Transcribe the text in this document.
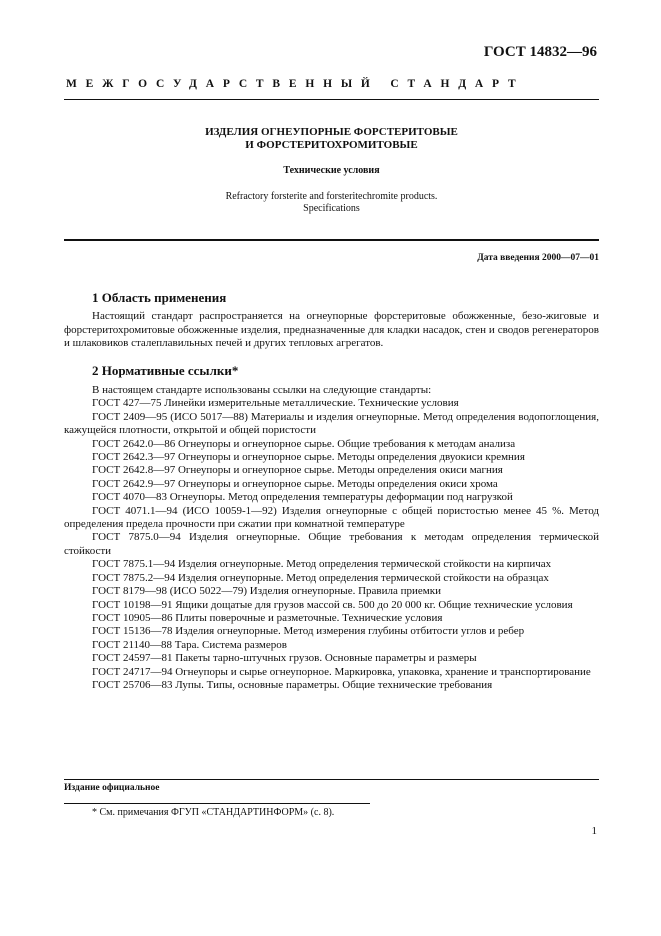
ГОСТ 14832—96
МЕЖГОСУДАРСТВЕННЫЙ СТАНДАРТ
ИЗДЕЛИЯ ОГНЕУПОРНЫЕ ФОРСТЕРИТОВЫЕ
И ФОРСТЕРИТОХРОМИТОВЫЕ
Технические условия
Refractory forsterite and forsteritechromite products.
Specifications
Дата введения 2000—07—01
1 Область применения
Настоящий стандарт распространяется на огнеупорные форстеритовые обожженные, безо-жиговые и форстеритохромитовые обожженные изделия, предназначенные для кладки насадок, стен и сводов регенераторов и шлаковиков сталеплавильных печей и других тепловых агрегатов.
2 Нормативные ссылки*

В настоящем стандарте использованы ссылки на следующие стандарты:

ГОСТ 427—75 Линейки измерительные металлические. Технические условия

ГОСТ 2409—95 (ИСО 5017—88) Материалы и изделия огнеупорные. Метод определения водопоглощения, кажущейся плотности, открытой и общей пористости

ГОСТ 2642.0—86 Огнеупоры и огнеупорное сырье. Общие требования к методам анализа

ГОСТ 2642.3—97 Огнеупоры и огнеупорное сырье. Методы определения двуокиси кремния

ГОСТ 2642.8—97 Огнеупоры и огнеупорное сырье. Методы определения окиси магния

ГОСТ 2642.9—97 Огнеупоры и огнеупорное сырье. Методы определения окиси хрома

ГОСТ 4070—83 Огнеупоры. Метод определения температуры деформации под нагрузкой

ГОСТ 4071.1—94 (ИСО 10059-1—92) Изделия огнеупорные с общей пористостью менее 45 %. Метод определения предела прочности при сжатии при комнатной температуре

ГОСТ 7875.0—94 Изделия огнеупорные. Общие требования к методам определения термической стойкости

ГОСТ 7875.1—94 Изделия огнеупорные. Метод определения термической стойкости на кирпичах

ГОСТ 7875.2—94 Изделия огнеупорные. Метод определения термической стойкости на образцах

ГОСТ 8179—98 (ИСО 5022—79) Изделия огнеупорные. Правила приемки

ГОСТ 10198—91 Ящики дощатые для грузов массой св. 500 до 20 000 кг. Общие технические условия

ГОСТ 10905—86 Плиты поверочные и разметочные. Технические условия

ГОСТ 15136—78 Изделия огнеупорные. Метод измерения глубины отбитости углов и ребер

ГОСТ 21140—88 Тара. Система размеров

ГОСТ 24597—81 Пакеты тарно-штучных грузов. Основные параметры и размеры

ГОСТ 24717—94 Огнеупоры и сырье огнеупорное. Маркировка, упаковка, хранение и транспортирование

ГОСТ 25706—83 Лупы. Типы, основные параметры. Общие технические требования

Издание официальное
* См. примечания ФГУП «СТАНДАРТИНФОРМ» (с. 8).
1
